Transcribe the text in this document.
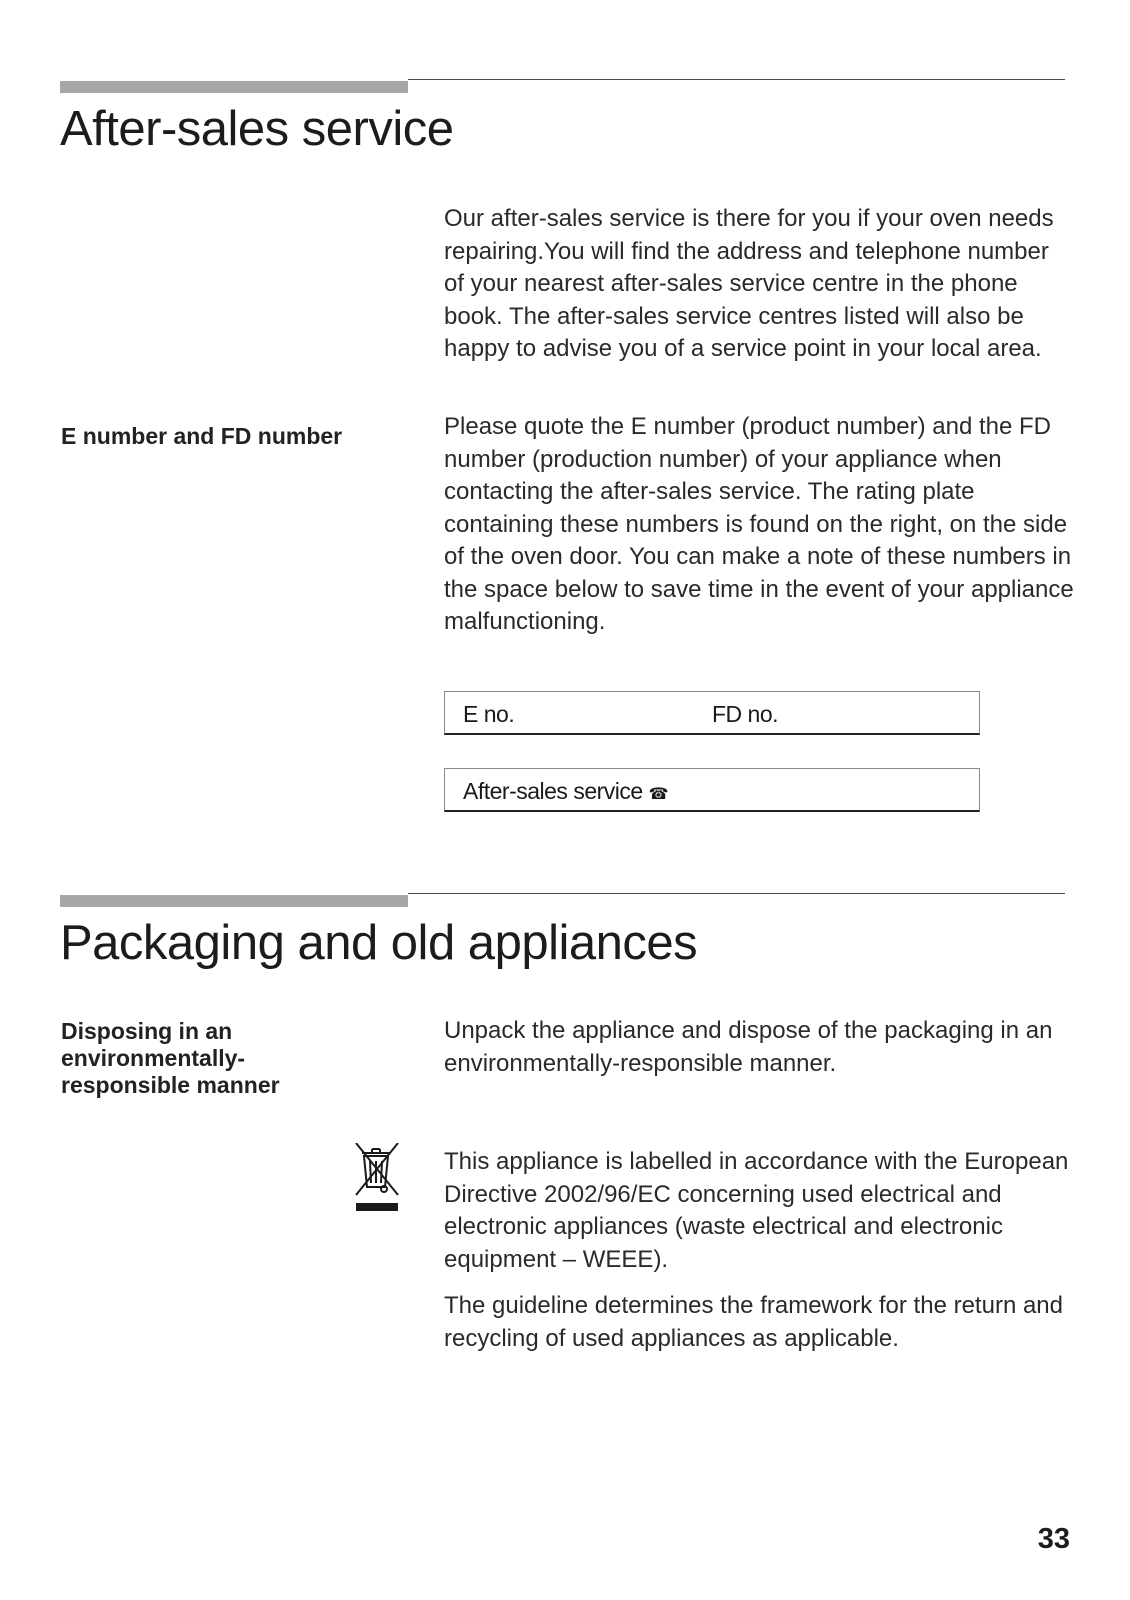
After-sales service

Our after-sales service is there for you if your oven needs repairing.You will find the address and telephone number of your nearest after-sales service centre in the phone book. The after-sales service centres listed will also be happy to advise you of a service point in your local area.

E number and FD number	Please quote the E number (product number) and the FD number (production number) of your appliance when contacting the after-sales service. The rating plate containing these numbers is found on the right, on the side of the oven door. You can make a note of these numbers in the space below to save time in the event of your appliance malfunctioning.

E no.	FD no.
After-sales service ☎
Packaging and old appliances

Disposing in an environmentally-responsible manner

Unpack the appliance and dispose of the packaging in an environmentally-responsible manner.

This appliance is labelled in accordance with the European Directive 2002/96/EC concerning used electrical and electronic appliances (waste electrical and electronic equipment – WEEE).

The guideline determines the framework for the return and recycling of used appliances as applicable.

33
